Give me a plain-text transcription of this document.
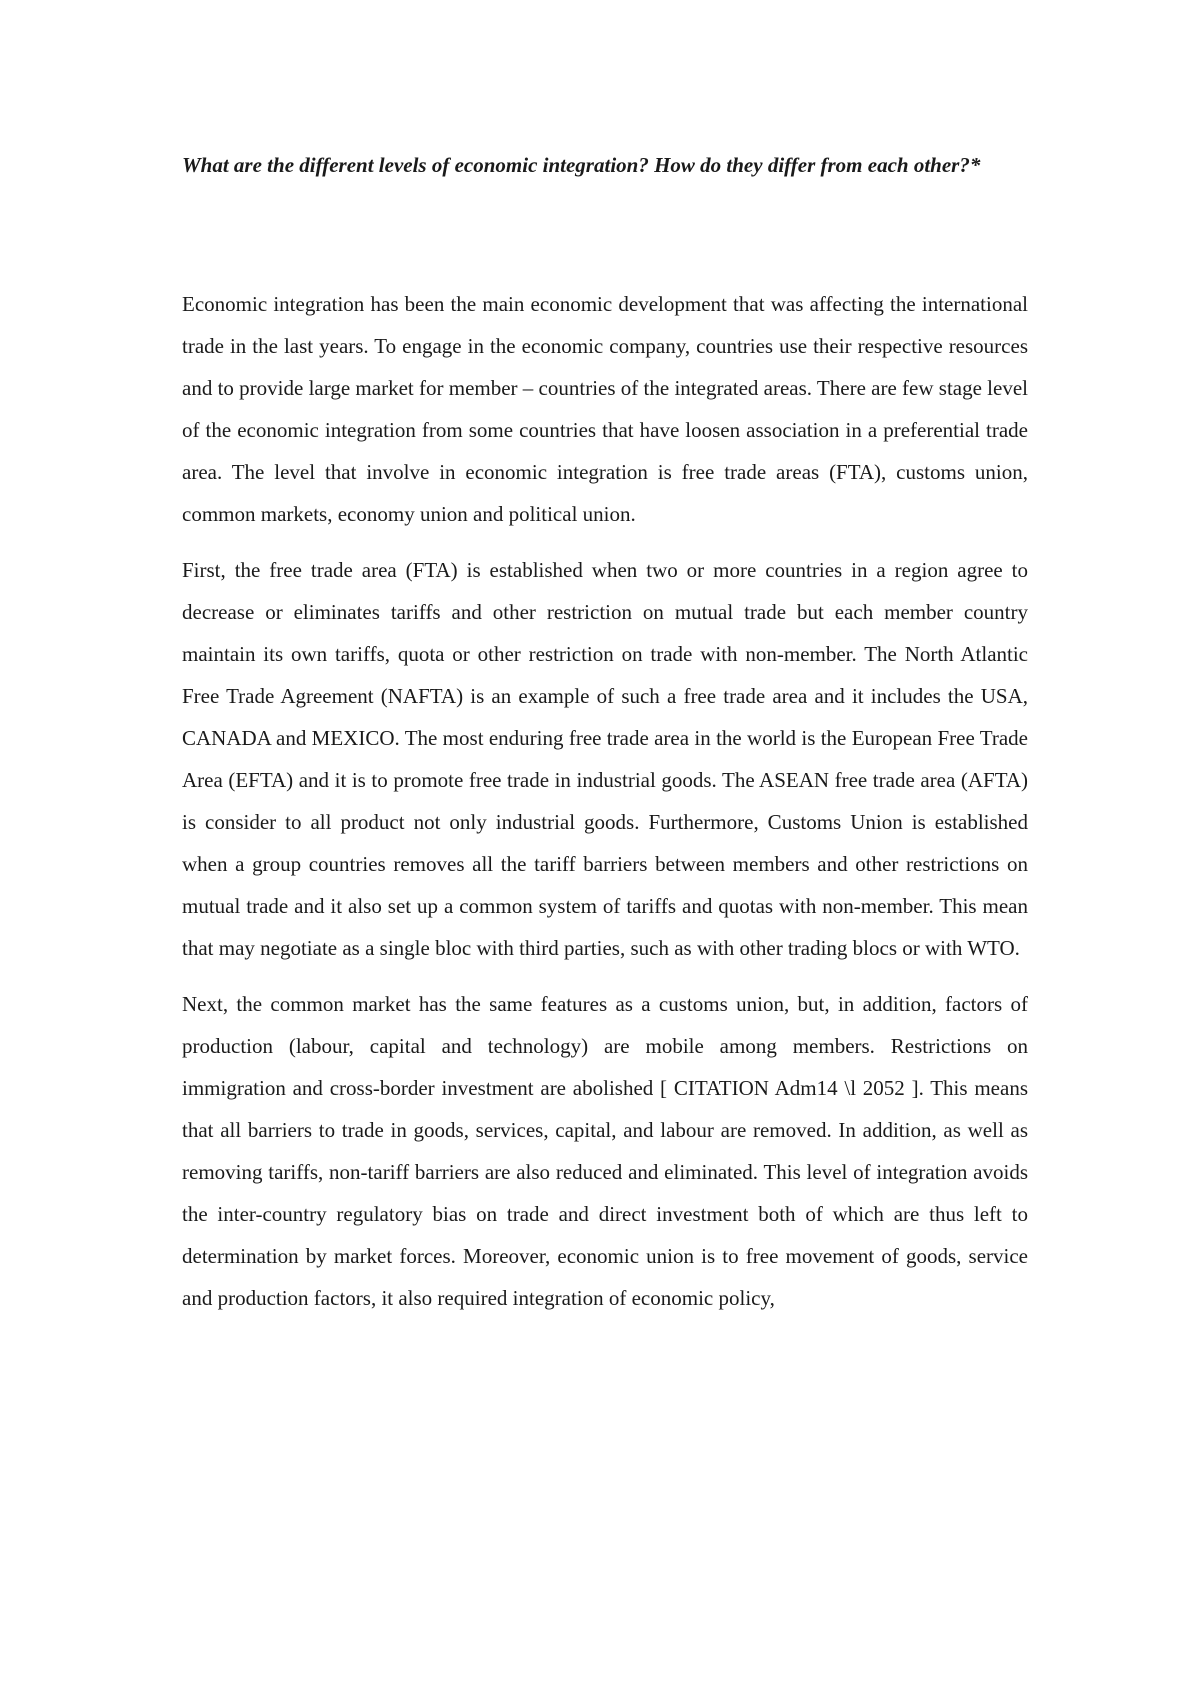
What are the different levels of economic integration? How do they differ from each other?*

Economic integration has been the main economic development that was affecting the international trade in the last years. To engage in the economic company, countries use their respective resources and to provide large market for member – countries of the integrated areas. There are few stage level of the economic integration from some countries that have loosen association in a preferential trade area. The level that involve in economic integration is free trade areas (FTA), customs union, common markets, economy union and political union.

First, the free trade area (FTA) is established when two or more countries in a region agree to decrease or eliminates tariffs and other restriction on mutual trade but each member country maintain its own tariffs, quota or other restriction on trade with non-member. The North Atlantic Free Trade Agreement (NAFTA) is an example of such a free trade area and it includes the USA, CANADA and MEXICO. The most enduring free trade area in the world is the European Free Trade Area (EFTA) and it is to promote free trade in industrial goods. The ASEAN free trade area (AFTA) is consider to all product not only industrial goods. Furthermore, Customs Union is established when a group countries removes all the tariff barriers between members and other restrictions on mutual trade and it also set up a common system of tariffs and quotas with non-member. This mean that may negotiate as a single bloc with third parties, such as with other trading blocs or with WTO.

Next, the common market has the same features as a customs union, but, in addition, factors of production (labour, capital and technology) are mobile among members. Restrictions on immigration and cross-border investment are abolished [ CITATION Adm14 \l 2052 ]. This means that all barriers to trade in goods, services, capital, and labour are removed. In addition, as well as removing tariffs, non-tariff barriers are also reduced and eliminated. This level of integration avoids the inter-country regulatory bias on trade and direct investment both of which are thus left to determination by market forces. Moreover, economic union is to free movement of goods, service and production factors, it also required integration of economic policy,
